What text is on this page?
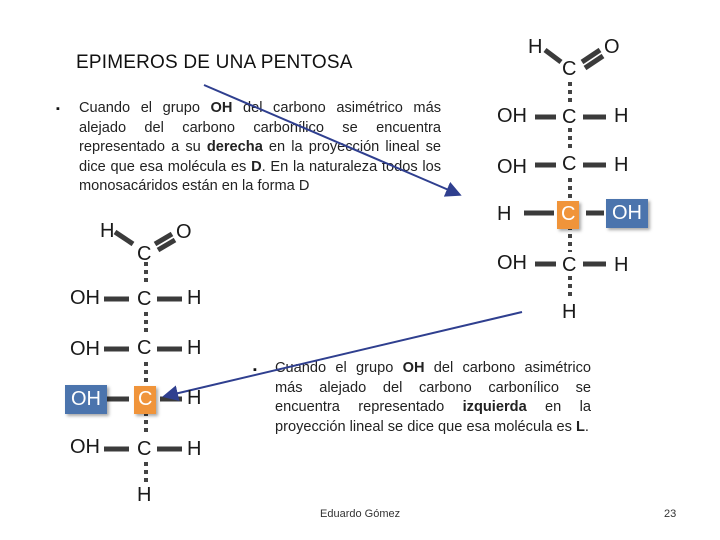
EPIMEROS DE UNA PENTOSA
▪ Cuando el grupo OH del carbono asimétrico más alejado del carbono carbonílico se encuentra representado a su derecha en la proyección lineal se dice que esa molécula es D. En la naturaleza todos los monosacáridos están en la forma D
▪ Cuando el grupo OH del carbono asimétrico más alejado del carbono carbonílico se encuentra representado izquierda en la proyección lineal se dice que esa molécula es L.
H
C
O
OH C H
OH C H
OH	C H
OH C H
H
H
C
O
OH C H
OH C H
H C	OH
OH C H
H
Eduardo Gómez	23
